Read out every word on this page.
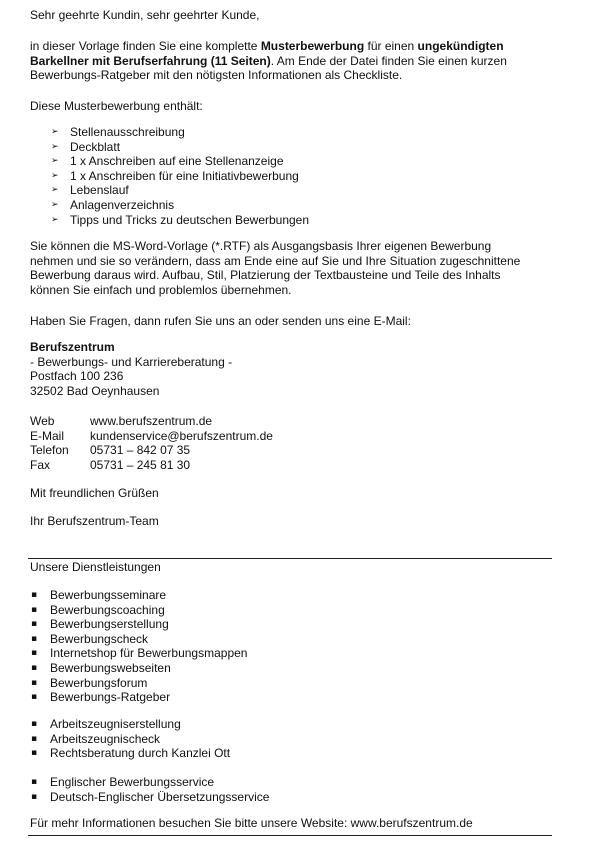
Sehr geehrte Kundin, sehr geehrter Kunde,

in dieser Vorlage finden Sie eine komplette Musterbewerbung für einen ungekündigten Barkellner mit Berufserfahrung (11 Seiten). Am Ende der Datei finden Sie einen kurzen Bewerbungs-Ratgeber mit den nötigsten Informationen als Checkliste.

Diese Musterbewerbung enthält:

➢ Stellenausschreibung
➢ Deckblatt
➢ 1 x Anschreiben auf eine Stellenanzeige
➢ 1 x Anschreiben für eine Initiativbewerbung
➢ Lebenslauf
➢ Anlagenverzeichnis
➢ Tipps und Tricks zu deutschen Bewerbungen

Sie können die MS-Word-Vorlage (*.RTF) als Ausgangsbasis Ihrer eigenen Bewerbung nehmen und sie so verändern, dass am Ende eine auf Sie und Ihre Situation zugeschnittene Bewerbung daraus wird. Aufbau, Stil, Platzierung der Textbausteine und Teile des Inhalts können Sie einfach und problemlos übernehmen.

Haben Sie Fragen, dann rufen Sie uns an oder senden uns eine E-Mail:

Berufszentrum
- Bewerbungs- und Karriereberatung -
Postfach 100 236
32502 Bad Oeynhausen
Web	www.berufszentrum.de
E-Mail	kundenservice@berufszentrum.de
Telefon	05731 – 842 07 35
Fax	05731 – 245 81 30

Mit freundlichen Grüßen

Ihr Berufszentrum-Team

Unsere Dienstleistungen

▪ Bewerbungsseminare
▪ Bewerbungscoaching
▪ Bewerbungserstellung
▪ Bewerbungscheck
▪ Internetshop für Bewerbungsmappen
▪ Bewerbungswebseiten
▪ Bewerbungsforum
▪ Bewerbungs-Ratgeber
▪ Arbeitszeugniserstellung
▪ Arbeitszeugnischeck
▪ Rechtsberatung durch Kanzlei Ott
▪ Englischer Bewerbungsservice
▪ Deutsch-Englischer Übersetzungsservice

Für mehr Informationen besuchen Sie bitte unsere Website: www.berufszentrum.de
